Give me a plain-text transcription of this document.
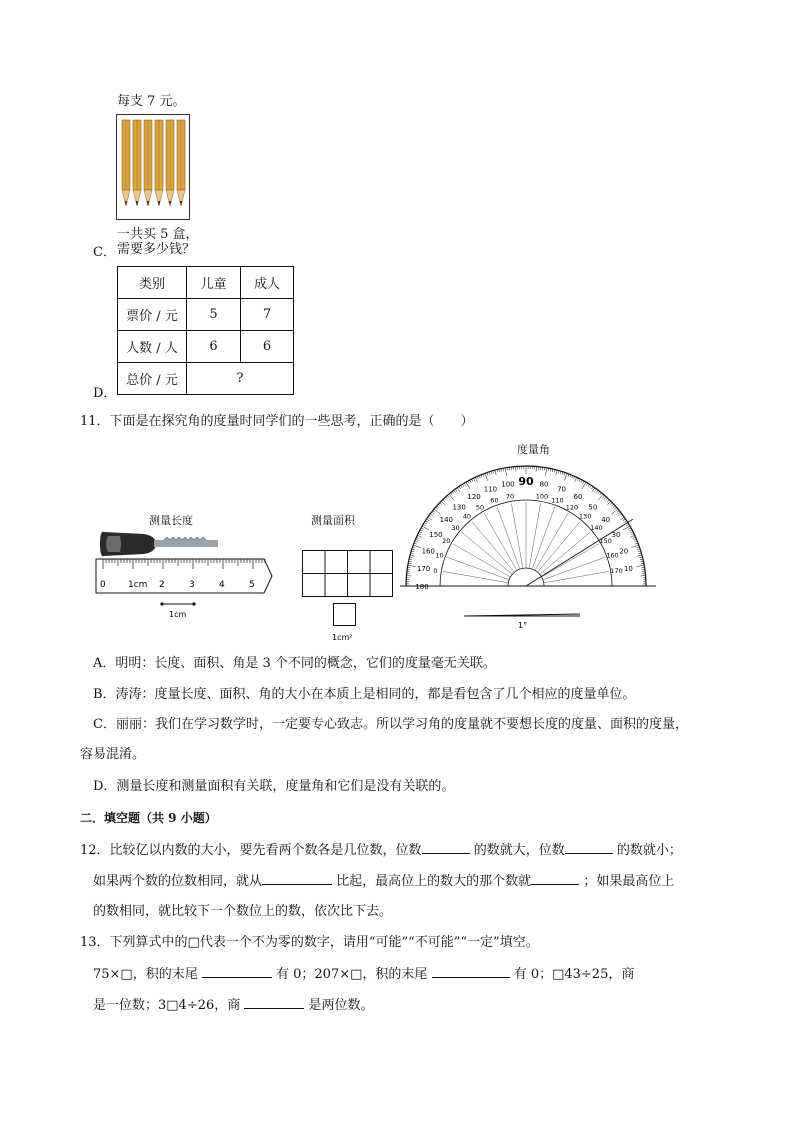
每支 7 元。
一共买 5 盒，
C． 需要多少钱？
类别	儿童	成人
票价 / 元	5	7
人数 / 人	6	6
总价 / 元	?	
D．
11．下面是在探究角的度量时同学们的一些思考，正确的是（　　）
测量长度
0 1cm 2	3	4	5
1cm
测量面积
1cm²
度量角
10
20
30
40
50
60
70
80
90
100
110
120
130
140
150
160
170
180
170
160
150
140
130
120
110
100
70
60
50
40
30
20
10
0
1°
A．明明：长度、面积、角是 3 个不同的概念，它们的度量毫无关联。
B．涛涛：度量长度、面积、角的大小在本质上是相同的，都是看包含了几个相应的度量单位。
C．丽丽：我们在学习数学时，一定要专心致志。所以学习角的度量就不要想长度的度量、面积的度量，
容易混淆。
D．测量长度和测量面积有关联，度量角和它们是没有关联的。
二．填空题（共 9 小题）
12．比较亿以内数的大小，要先看两个数各是几位数，位数	的数就大，位数	的数就小；
如果两个数的位数相同，就从	比起，最高位上的数大的那个数就	；如果最高位上
的数相同，就比较下一个数位上的数，依次比下去。
13．下列算式中的□代表一个不为零的数字，请用“可能”“不可能”“一定”填空。
75×□，积的末尾	有 0；207×□，积的末尾	有 0；□43÷25，商
是一位数；3□4÷26，商	是两位数。
